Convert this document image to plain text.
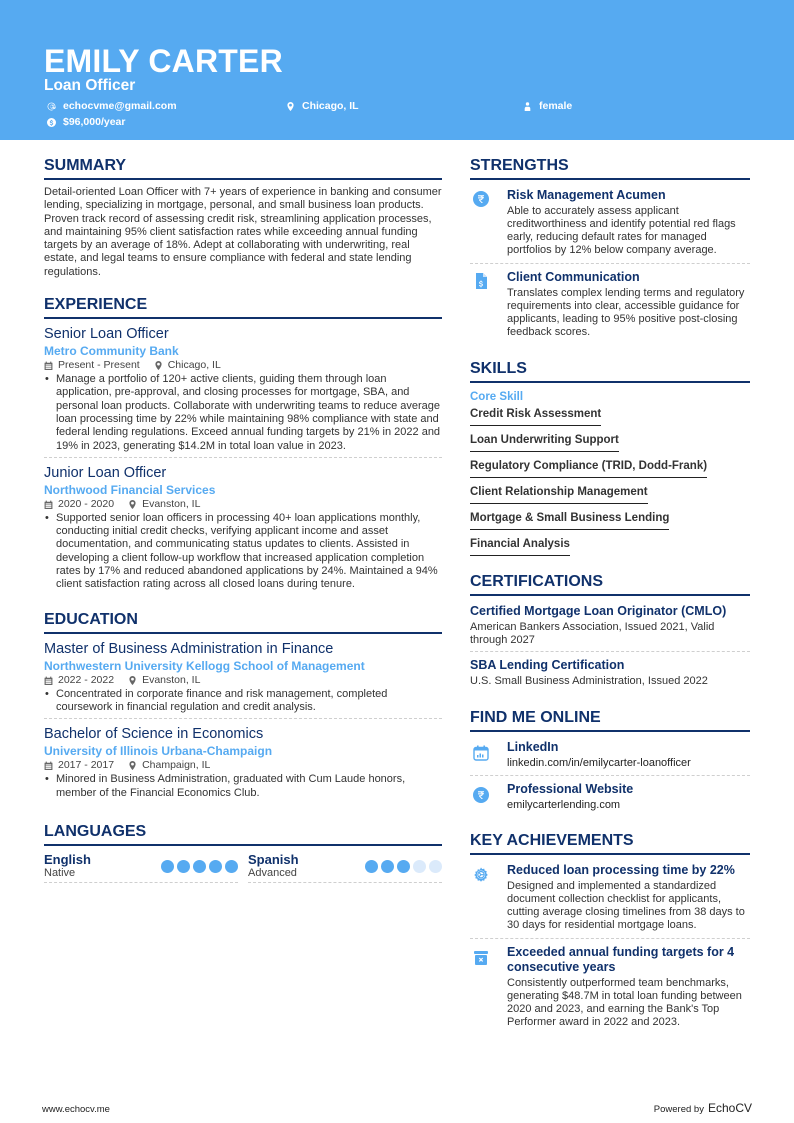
EMILY CARTER
Loan Officer
echocvme@gmail.com	Chicago, IL	female
$96,000/year
SUMMARY
Detail-oriented Loan Officer with 7+ years of experience in banking and consumer lending, specializing in mortgage, personal, and small business loan products. Proven track record of assessing credit risk, streamlining application processes, and maintaining 95% client satisfaction rates while exceeding annual funding targets by an average of 18%. Adept at collaborating with underwriting, real estate, and legal teams to ensure compliance with federal and state lending regulations.
EXPERIENCE
Senior Loan Officer
Metro Community Bank
Present - Present	Chicago, IL
• Manage a portfolio of 120+ active clients, guiding them through loan application, pre-approval, and closing processes for mortgage, SBA, and personal loan products. Collaborate with underwriting teams to reduce average loan processing time by 22% while maintaining 98% compliance with state and federal lending regulations. Exceed annual funding targets by 21% in 2022 and 19% in 2023, generating $14.2M in total loan value in 2023.
Junior Loan Officer
Northwood Financial Services
2020 - 2020	Evanston, IL
• Supported senior loan officers in processing 40+ loan applications monthly, conducting initial credit checks, verifying applicant income and asset documentation, and communicating status updates to clients. Assisted in developing a client follow-up workflow that increased application completion rates by 17% and reduced abandoned applications by 24%. Maintained a 94% client satisfaction rating across all closed loans during tenure.
EDUCATION
Master of Business Administration in Finance
Northwestern University Kellogg School of Management
2022 - 2022	Evanston, IL
• Concentrated in corporate finance and risk management, completed coursework in financial regulation and credit analysis.
Bachelor of Science in Economics
University of Illinois Urbana-Champaign
2017 - 2017	Champaign, IL
• Minored in Business Administration, graduated with Cum Laude honors, member of the Financial Economics Club.
LANGUAGES
English
Native
Spanish
Advanced
STRENGTHS
Risk Management Acumen
Able to accurately assess applicant creditworthiness and identify potential red flags early, reducing default rates for managed portfolios by 12% below company average.
Client Communication
Translates complex lending terms and regulatory requirements into clear, accessible guidance for applicants, leading to 95% positive post-closing feedback scores.
SKILLS
Core Skill
Credit Risk Assessment
Loan Underwriting Support
Regulatory Compliance (TRID, Dodd-Frank)
Client Relationship Management
Mortgage & Small Business Lending
Financial Analysis
CERTIFICATIONS
Certified Mortgage Loan Originator (CMLO)
American Bankers Association, Issued 2021, Valid through 2027
SBA Lending Certification
U.S. Small Business Administration, Issued 2022
FIND ME ONLINE
LinkedIn
linkedin.com/in/emilycarter-loanofficer
Professional Website
emilycarterlending.com
KEY ACHIEVEMENTS
Reduced loan processing time by 22%
Designed and implemented a standardized document collection checklist for applicants, cutting average closing timelines from 38 days to 30 days for residential mortgage loans.
Exceeded annual funding targets for 4 consecutive years
Consistently outperformed team benchmarks, generating $48.7M in total loan funding between 2020 and 2023, and earning the Bank's Top Performer award in 2022 and 2023.
www.echocv.me	Powered by EchoCV
